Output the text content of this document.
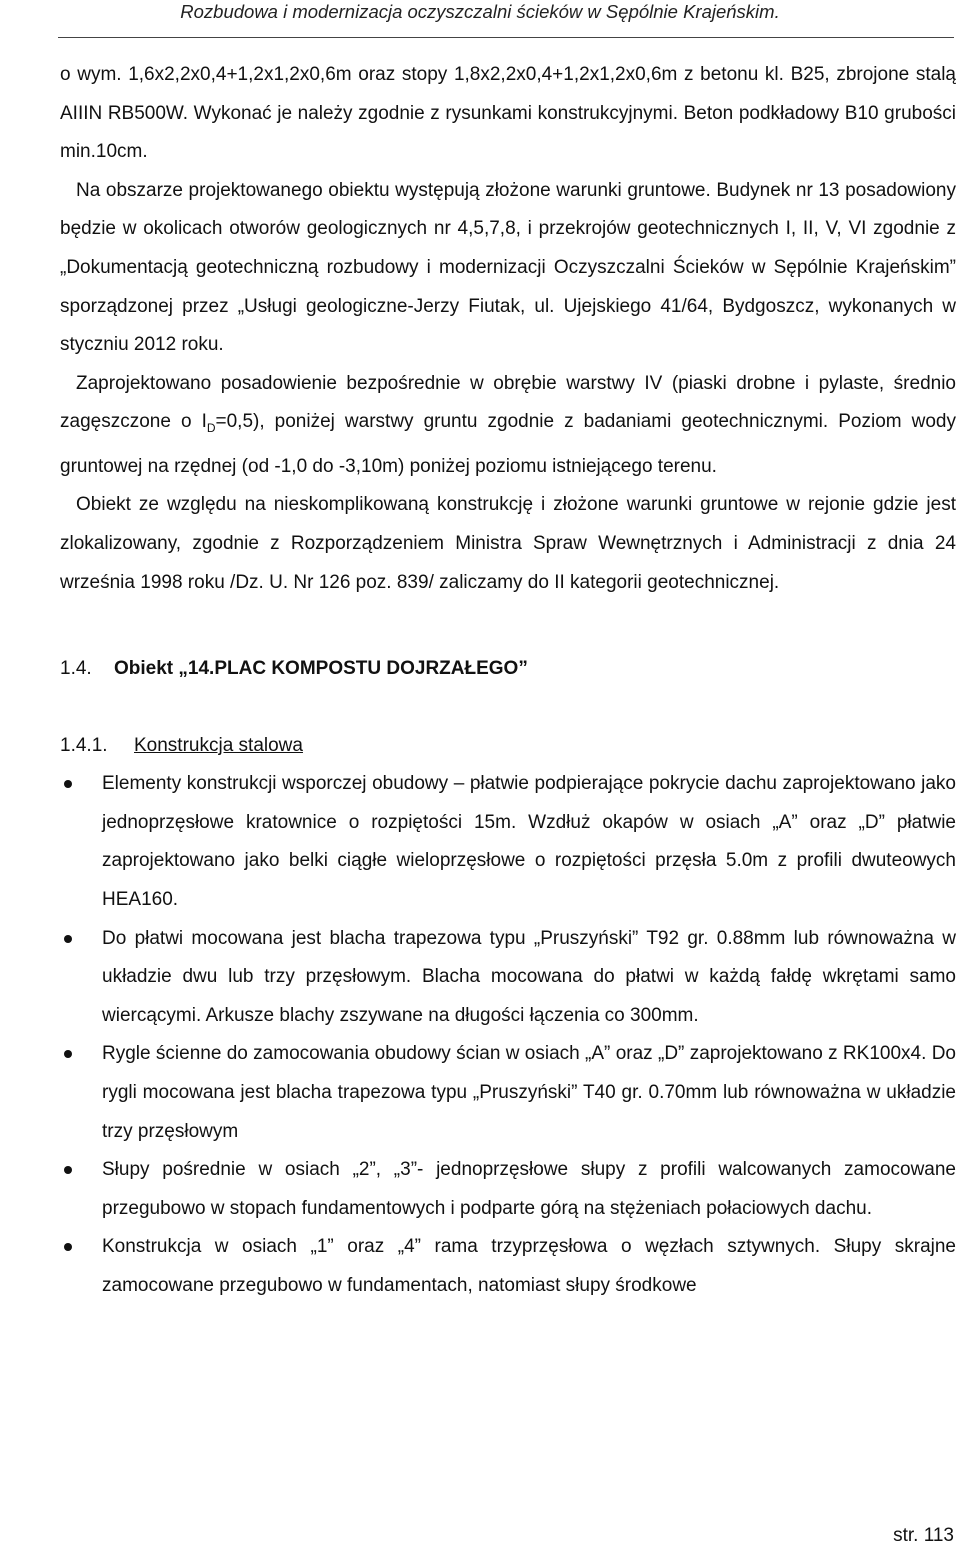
Rozbudowa i modernizacja oczyszczalni ścieków w Sępólnie Krajeńskim.

o wym. 1,6x2,2x0,4+1,2x1,2x0,6m oraz stopy 1,8x2,2x0,4+1,2x1,2x0,6m z betonu kl. B25, zbrojone stalą AIIIN RB500W. Wykonać je należy zgodnie z rysunkami konstrukcyjnymi. Beton podkładowy B10 grubości min.10cm.

Na obszarze projektowanego obiektu występują złożone warunki gruntowe. Budynek nr 13 posadowiony będzie w okolicach otworów geologicznych nr 4,5,7,8, i przekrojów geotechnicznych I, II, V, VI zgodnie z „Dokumentacją geotechniczną rozbudowy i modernizacji Oczyszczalni Ścieków w Sępólnie Krajeńskim” sporządzonej przez „Usługi geologiczne-Jerzy Fiutak, ul. Ujejskiego 41/64, Bydgoszcz, wykonanych w styczniu 2012 roku.

Zaprojektowano posadowienie bezpośrednie w obrębie warstwy IV (piaski drobne i pylaste, średnio zagęszczone o $I_D=0,5$), poniżej warstwy gruntu zgodnie z badaniami geotechnicznymi. Poziom wody gruntowej na rzędnej (od -1,0 do -3,10m) poniżej poziomu istniejącego terenu.

Obiekt ze względu na nieskomplikowaną konstrukcję i złożone warunki gruntowe w rejonie gdzie jest zlokalizowany, zgodnie z Rozporządzeniem Ministra Spraw Wewnętrznych i Administracji z dnia 24 września 1998 roku /Dz. U. Nr 126 poz. 839/ zaliczamy do II kategorii geotechnicznej.

1.4. Obiekt „14.PLAC KOMPOSTU DOJRZAŁEGO”
1.4.1. Konstrukcja stalowa
Elementy konstrukcji wsporczej obudowy – płatwie podpierające pokrycie dachu zaprojektowano jako jednoprzęsłowe kratownice o rozpiętości 15m. Wzdłuż okapów w osiach „A” oraz „D” płatwie zaprojektowano jako belki ciągłe wieloprzęsłowe o rozpiętości przęsła 5.0m z profili dwuteowych HEA160.
Do płatwi mocowana jest blacha trapezowa typu „Pruszyński” T92 gr. 0.88mm lub równoważna w układzie dwu lub trzy przęsłowym. Blacha mocowana do płatwi w każdą fałdę wkrętami samo wiercącymi. Arkusze blachy zszywane na długości łączenia co 300mm.
Rygle ścienne do zamocowania obudowy ścian w osiach „A” oraz „D” zaprojektowano z RK100x4. Do rygli mocowana jest blacha trapezowa typu „Pruszyński” T40 gr. 0.70mm lub równoważna w układzie trzy przęsłowym
Słupy pośrednie w osiach „2”, „3”- jednoprzęsłowe słupy z profili walcowanych zamocowane przegubowo w stopach fundamentowych i podparte górą na stężeniach połaciowych dachu.
Konstrukcja w osiach „1” oraz „4” rama trzyprzęsłowa o węzłach sztywnych. Słupy skrajne zamocowane przegubowo w fundamentach, natomiast słupy środkowe
str. 113
